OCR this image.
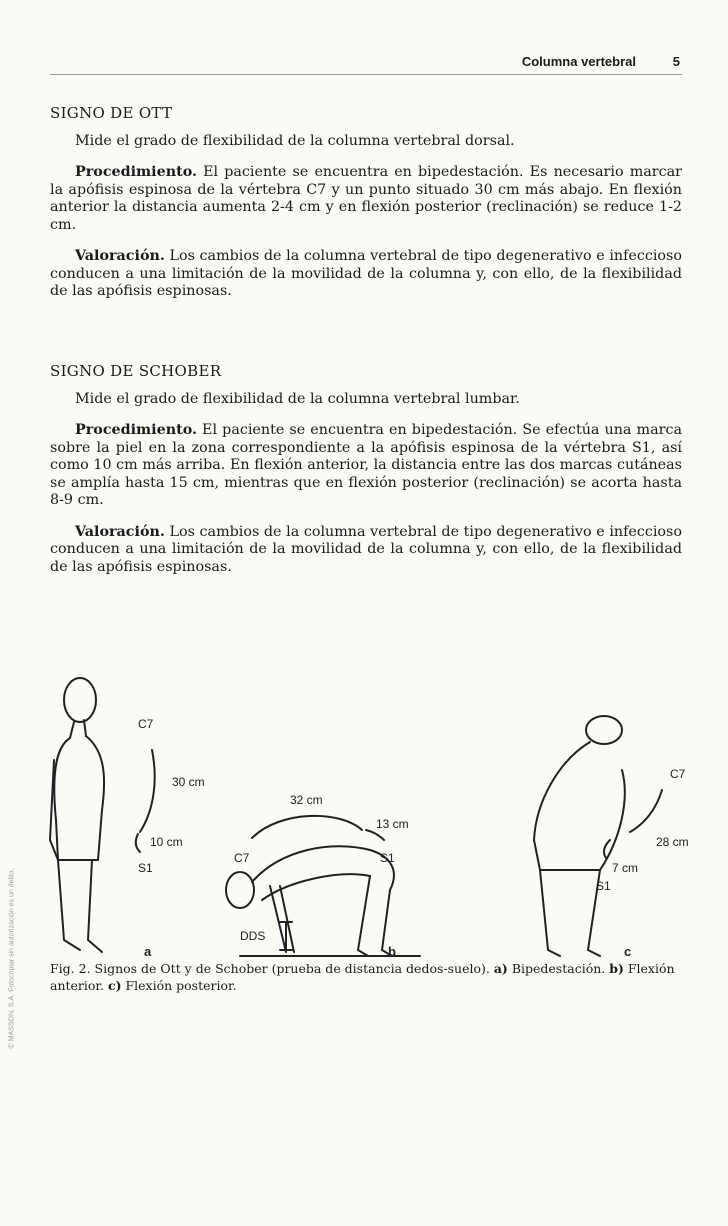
Columna vertebral	5
SIGNO DE OTT
Mide el grado de flexibilidad de la columna vertebral dorsal.

Procedimiento. El paciente se encuentra en bipedestación. Es necesario marcar la apófisis espinosa de la vértebra C7 y un punto situado 30 cm más abajo. En flexión anterior la distancia aumenta 2-4 cm y en flexión posterior (reclinación) se reduce 1-2 cm.

Valoración. Los cambios de la columna vertebral de tipo degenerativo e infeccioso conducen a una limitación de la movilidad de la columna y, con ello, de la flexibilidad de las apófisis espinosas.

SIGNO DE SCHOBER
Mide el grado de flexibilidad de la columna vertebral lumbar.

Procedimiento. El paciente se encuentra en bipedestación. Se efectúa una marca sobre la piel en la zona correspondiente a la apófisis espinosa de la vértebra S1, así como 10 cm más arriba. En flexión anterior, la distancia entre las dos marcas cutáneas se amplía hasta 15 cm, mientras que en flexión posterior (reclinación) se acorta hasta 8-9 cm.

Valoración. Los cambios de la columna vertebral de tipo degenerativo e infeccioso conducen a una limitación de la movilidad de la columna y, con ello, de la flexibilidad de las apófisis espinosas.

C7
30 cm
10 cm
S1
a
32 cm
13 cm
C7	S1
DDS
b
C7
28 cm
7 cm
S1
c
Fig. 2. Signos de Ott y de Schober (prueba de distancia dedos-suelo). a) Bipedestación. b) Flexión anterior. c) Flexión posterior.
© MASSON, S.A. Fotocopiar sin autorización es un delito.
